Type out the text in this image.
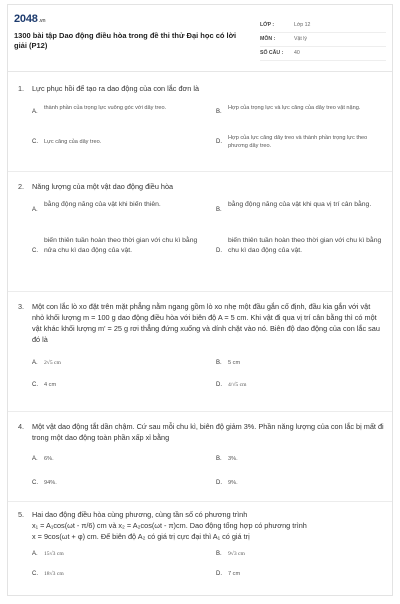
2048.vn
1300 bài tập Dao động điều hòa trong đề thi thử Đại học có lời giải (P12)
LỚP :	Lớp 12
MÔN :	Vật lý
SỐ CÂU : 40
1.	Lực phục hồi để tạo ra dao động của con lắc đơn là
A.
thành phần của trọng lực vuông góc với dây treo.
B.
Hợp của trọng lực và lực căng của dây treo vật nặng.
C. Lực căng của dây treo.	D.
Hợp của lực căng dây treo và thành phần trọng lực theo phương dây treo.
2.	Năng lượng của một vật dao động điều hòa
A.
bằng động năng của vật khi biến thiên.
B.
bằng động năng của vật khi qua vị trí cân bằng.
C.
biến thiên tuần hoàn theo thời gian với chu kì bằng nửa chu kì dao động của vật.	D.
biến thiên tuần hoàn theo thời gian với chu kì bằng chu kì dao động của vật.
3.	Một con lắc lò xo đặt trên mặt phẳng nằm ngang gồm lò xo nhẹ một đầu gắn cố định, đầu kia gắn với vật nhỏ khối lượng m = 100 g dao động điều hòa với biên độ A = 5 cm. Khi vật đi qua vị trí cân bằng thì có một vật khác khối lượng m' = 25 g rơi thẳng đứng xuống và dính chặt vào nó. Biên độ dao động của con lắc sau đó là
A. 2√5 cm	B. 5 cm
C. 4 cm	D. 4/√5 cm
4.	Một vật dao động tắt dần chậm. Cứ sau mỗi chu kì, biên độ giảm 3%. Phần năng lượng của con lắc bị mất đi trong một dao động toàn phần xấp xỉ bằng
A. 6%.	B. 3%.
C. 94%.	D. 9%.
5.	Hai dao động điều hòa cùng phương, cùng tần số có phương trình
x₁ = A₁cos(ωt - π/6) cm và x₂ = A₂cos(ωt - π)cm. Dao động tổng hợp có phương trình
x = 9cos(ωt + φ) cm. Để biên độ A₂ có giá trị cực đại thì A₁ có giá trị
A. 15√3 cm	B. 9√3 cm
C. 18√3 cm	D. 7 cm
